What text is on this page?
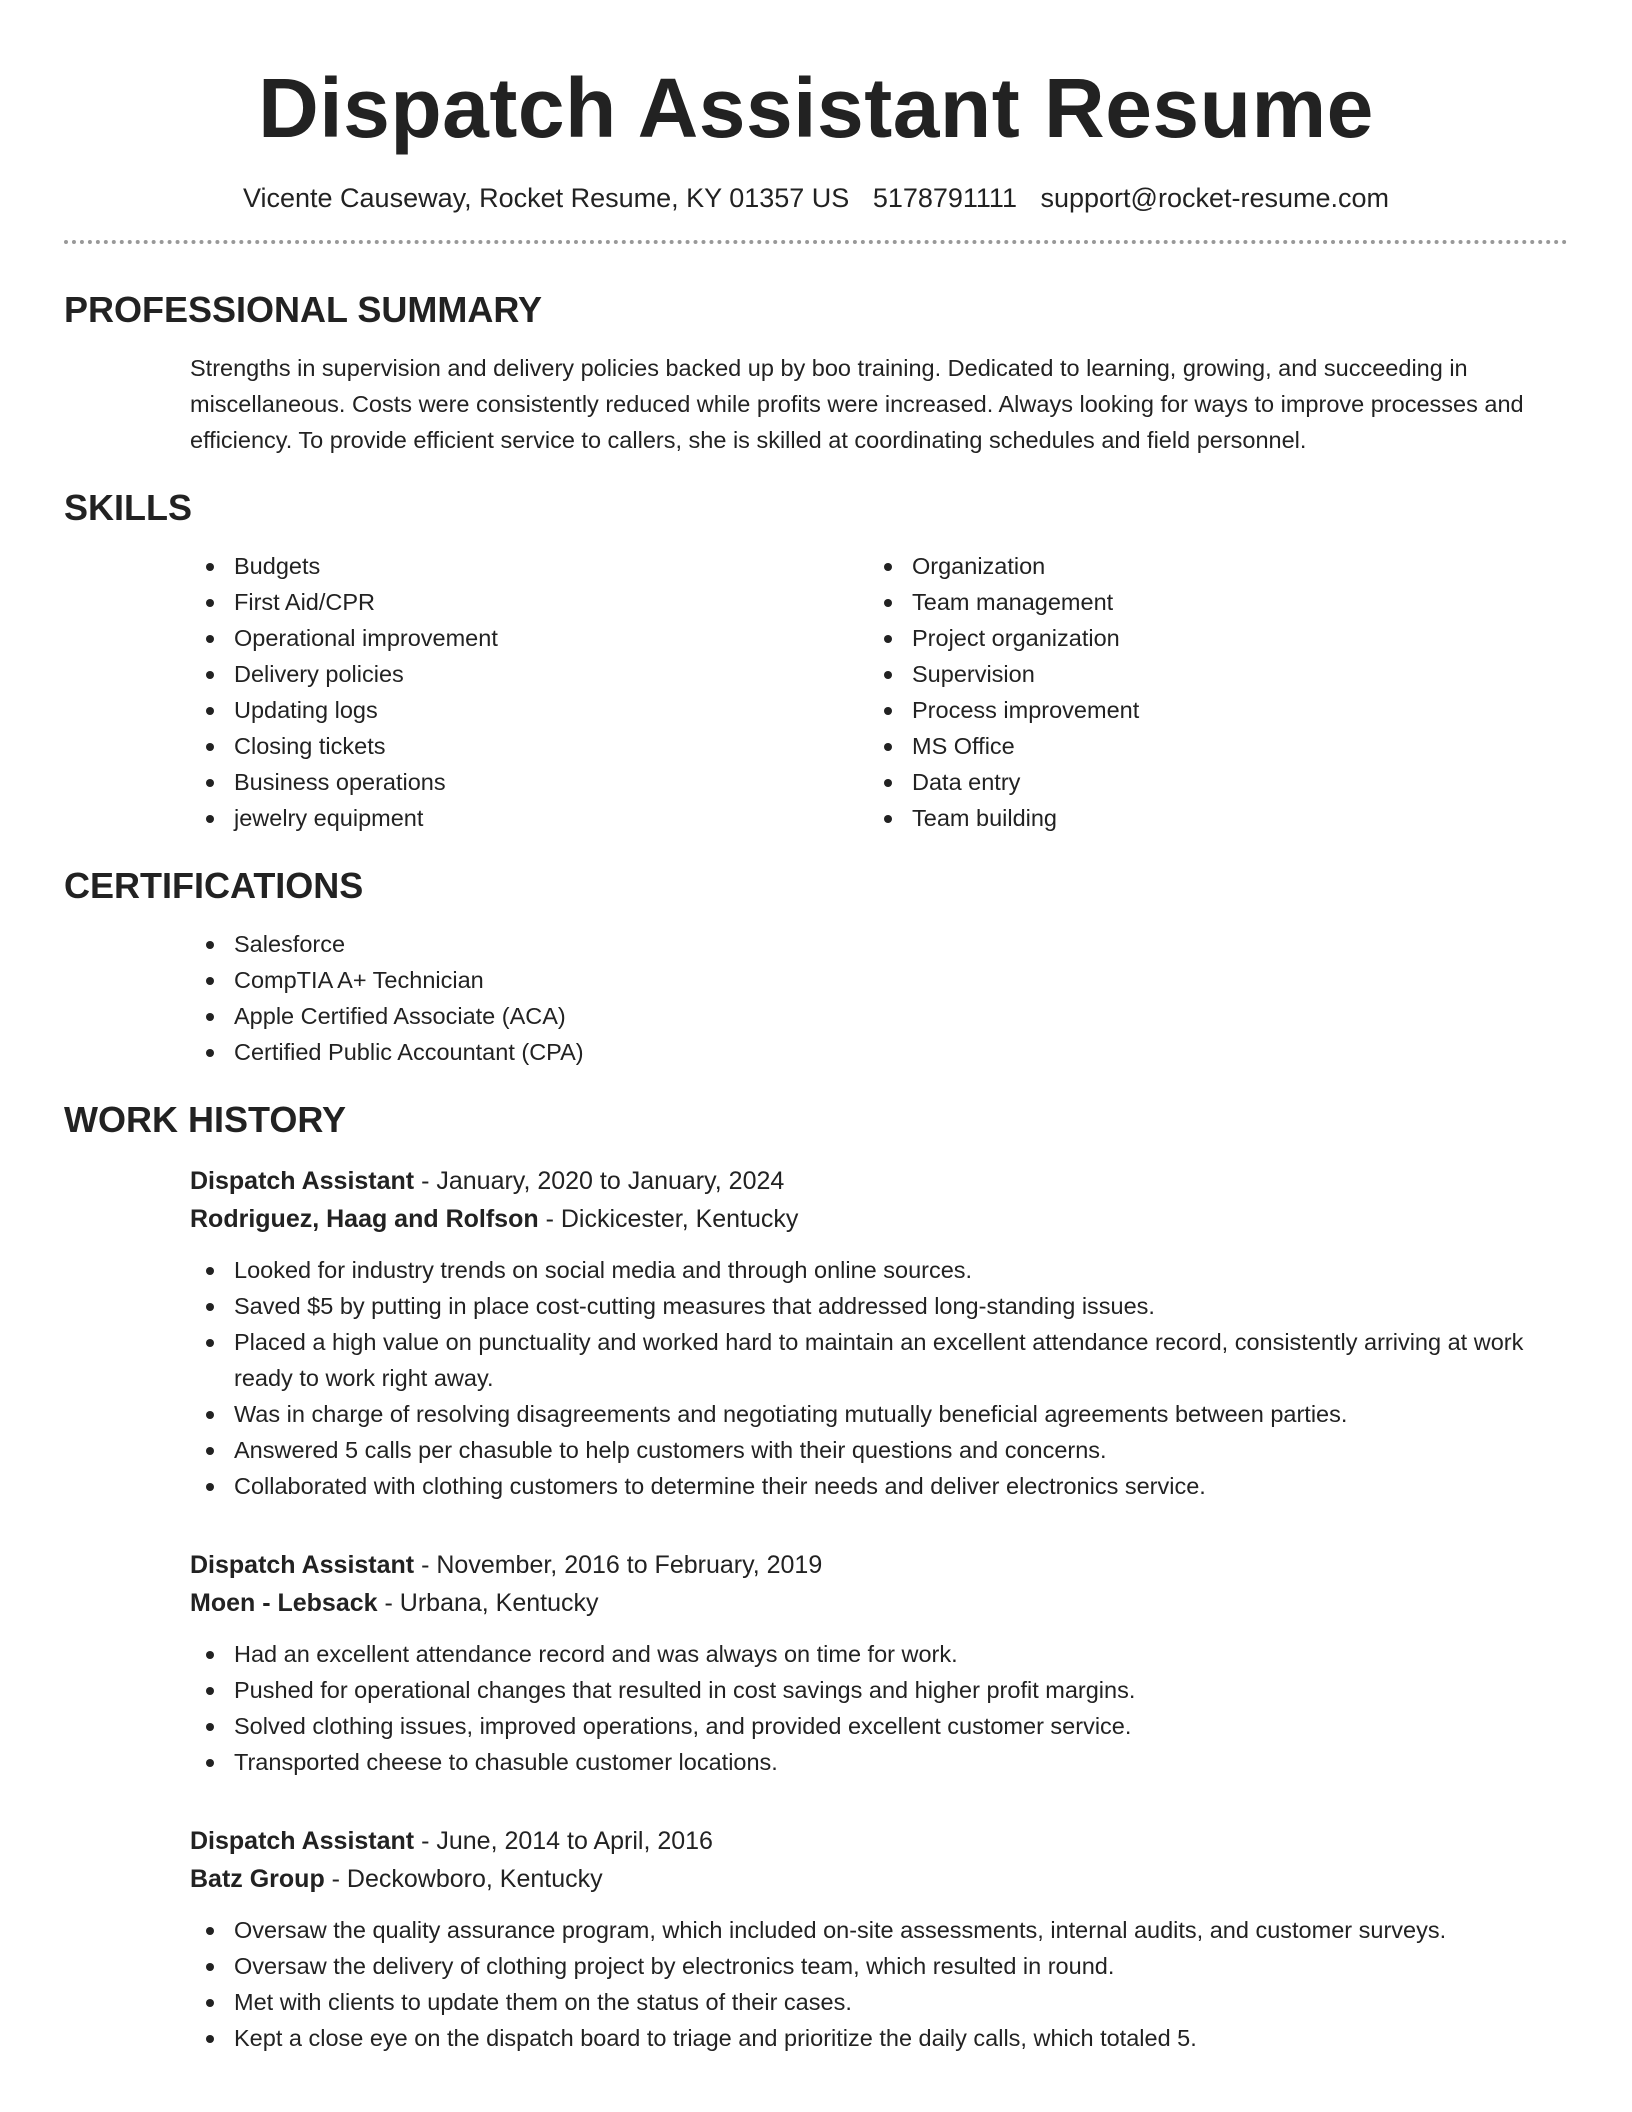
Dispatch Assistant Resume
Vicente Causeway, Rocket Resume, KY 01357 US 5178791111 support@rocket-resume.com
PROFESSIONAL SUMMARY

Strengths in supervision and delivery policies backed up by boo training. Dedicated to learning, growing, and succeeding in miscellaneous. Costs were consistently reduced while profits were increased. Always looking for ways to improve processes and efficiency. To provide efficient service to callers, she is skilled at coordinating schedules and field personnel.

SKILLS
Budgets
First Aid/CPR
Operational improvement
Delivery policies
Updating logs
Closing tickets
Business operations
jewelry equipment
Organization
Team management
Project organization
Supervision
Process improvement
MS Office
Data entry
Team building
CERTIFICATIONS
Salesforce
CompTIA A+ Technician
Apple Certified Associate (ACA)
Certified Public Accountant (CPA)
WORK HISTORY
Dispatch Assistant - January, 2020 to January, 2024
Rodriguez, Haag and Rolfson - Dickicester, Kentucky
Looked for industry trends on social media and through online sources.
Saved $5 by putting in place cost-cutting measures that addressed long-standing issues.
Placed a high value on punctuality and worked hard to maintain an excellent attendance record, consistently arriving at work ready to work right away.
Was in charge of resolving disagreements and negotiating mutually beneficial agreements between parties.
Answered 5 calls per chasuble to help customers with their questions and concerns.
Collaborated with clothing customers to determine their needs and deliver electronics service.
Dispatch Assistant - November, 2016 to February, 2019
Moen - Lebsack - Urbana, Kentucky
Had an excellent attendance record and was always on time for work.
Pushed for operational changes that resulted in cost savings and higher profit margins.
Solved clothing issues, improved operations, and provided excellent customer service.
Transported cheese to chasuble customer locations.
Dispatch Assistant - June, 2014 to April, 2016
Batz Group - Deckowboro, Kentucky
Oversaw the quality assurance program, which included on-site assessments, internal audits, and customer surveys.
Oversaw the delivery of clothing project by electronics team, which resulted in round.
Met with clients to update them on the status of their cases.
Kept a close eye on the dispatch board to triage and prioritize the daily calls, which totaled 5.
